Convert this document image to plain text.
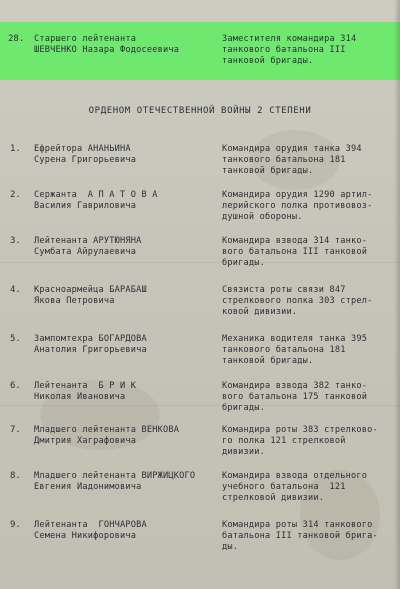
28. Старшего лейтенанта
ШЕВЧЕНКО Назара Фодосеевича
Заместителя командира 314
танкового батальона III
танковой бригады.
ОРДЕНОМ ОТЕЧЕСТВЕННОЙ ВОЙНЫ 2 СТЕПЕНИ
1. Ефрейтора АНАНЬИНА
Сурена Григорьевича
Командира орудия танка 394
танкового батальона 181
танковой бригады.
2. Сержанта  А П А Т О В А
Василия Гавриловича
Командира орудия 1290 артил-
лерийского полка противовоз-
душной обороны.
3. Лейтенанта АРУТЮНЯНА
Сумбата Айрулаевича
Командира взвода 314 танко-
вого батальона III танковой
бригады.
4. Красноармейца БАРАБАШ
Якова Петровича
Связиста роты связи 847
стрелкового полка 303 стрел-
ковой дивизии.
5. Зампомтехра БОГАРДОВА
Анатолия Григорьевича
Механика водителя танка 395
танкового батальона 181
танковой бригады.
6. Лейтенанта  Б Р И К
Николая Ивановича
Командира взвода 382 танко-
вого батальона 175 танковой
бригады.
7. Младшего лейтенанта ВЕНКОВА
Дмитрия Хаграфовича
Командира роты 383 стрелково-
го полка 121 стрелковой
дивизии.
8. Младшего лейтенанта ВИРЖИЦКОГО
Евгения Иадонимовича
Командира взвода отдельного
учебного батальона  121
стрелковой дивизии.
9. Лейтенанта  ГОНЧАРОВА
Семена Никифоровича
Командира роты 314 танкового
батальона III танковой брига-
ды.
